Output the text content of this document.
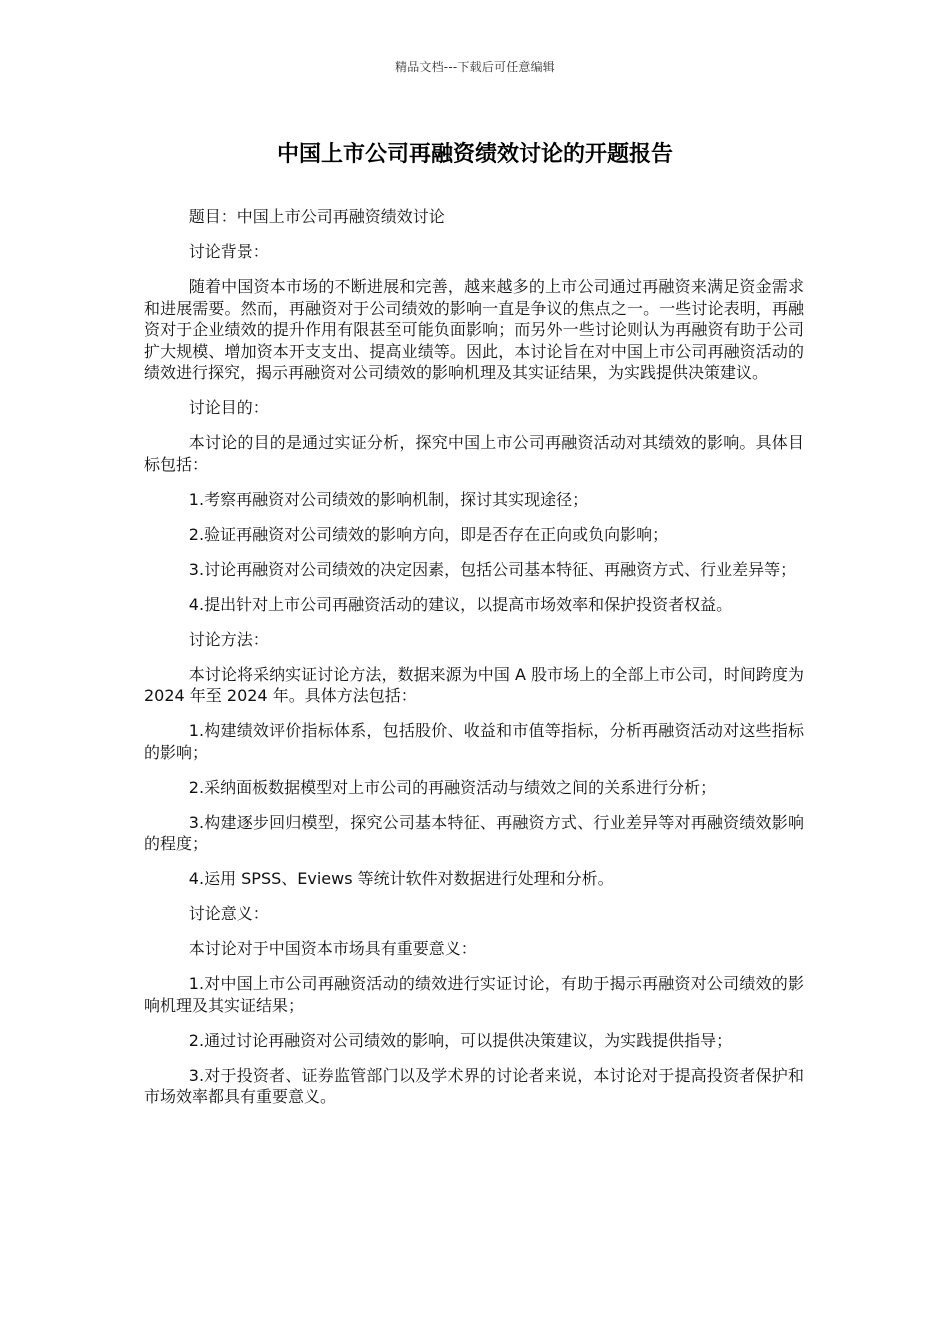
精品文档---下载后可任意编辑
中国上市公司再融资绩效讨论的开题报告

题目：中国上市公司再融资绩效讨论

讨论背景：

随着中国资本市场的不断进展和完善，越来越多的上市公司通过再融资来满足资金需求和进展需要。然而，再融资对于公司绩效的影响一直是争议的焦点之一。一些讨论表明，再融资对于企业绩效的提升作用有限甚至可能负面影响；而另外一些讨论则认为再融资有助于公司扩大规模、增加资本开支支出、提高业绩等。因此，本讨论旨在对中国上市公司再融资活动的绩效进行探究，揭示再融资对公司绩效的影响机理及其实证结果，为实践提供决策建议。

讨论目的：

本讨论的目的是通过实证分析，探究中国上市公司再融资活动对其绩效的影响。具体目标包括：

1.考察再融资对公司绩效的影响机制，探讨其实现途径；

2.验证再融资对公司绩效的影响方向，即是否存在正向或负向影响；

3.讨论再融资对公司绩效的决定因素，包括公司基本特征、再融资方式、行业差异等；

4.提出针对上市公司再融资活动的建议，以提高市场效率和保护投资者权益。

讨论方法：

本讨论将采纳实证讨论方法，数据来源为中国 A 股市场上的全部上市公司，时间跨度为 2024 年至 2024 年。具体方法包括：

1.构建绩效评价指标体系，包括股价、收益和市值等指标，分析再融资活动对这些指标的影响；

2.采纳面板数据模型对上市公司的再融资活动与绩效之间的关系进行分析；

3.构建逐步回归模型，探究公司基本特征、再融资方式、行业差异等对再融资绩效影响的程度；

4.运用 SPSS、Eviews 等统计软件对数据进行处理和分析。

讨论意义：

本讨论对于中国资本市场具有重要意义：

1.对中国上市公司再融资活动的绩效进行实证讨论，有助于揭示再融资对公司绩效的影响机理及其实证结果；

2.通过讨论再融资对公司绩效的影响，可以提供决策建议，为实践提供指导；

3.对于投资者、证券监管部门以及学术界的讨论者来说，本讨论对于提高投资者保护和市场效率都具有重要意义。
